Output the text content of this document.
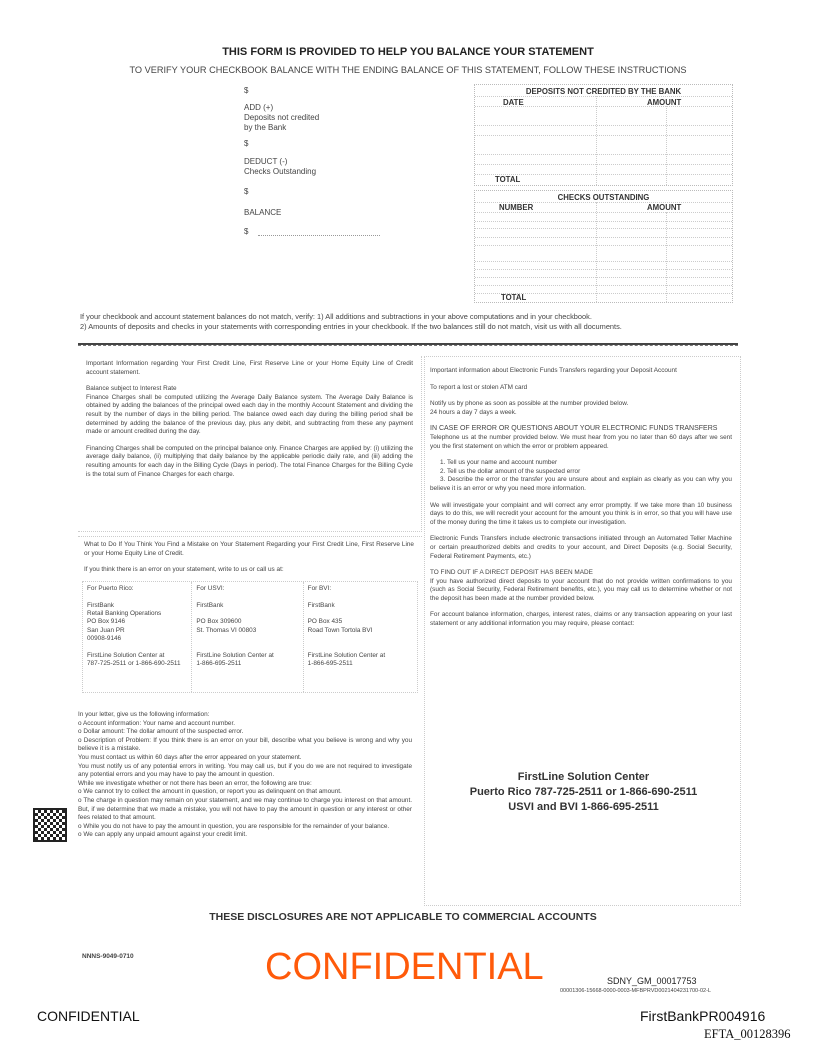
THIS FORM IS PROVIDED TO HELP YOU BALANCE YOUR STATEMENT
TO VERIFY YOUR CHECKBOOK BALANCE WITH THE ENDING BALANCE OF THIS STATEMENT, FOLLOW THESE INSTRUCTIONS
$
ADD (+)
Deposits not credited
by the Bank
$
DEDUCT (-)
Checks Outstanding
$
BALANCE
$
DEPOSITS NOT CREDITED BY THE BANK
DATE	AMOUNT
TOTAL
CHECKS OUTSTANDING
NUMBER	AMOUNT
TOTAL
If your checkbook and account statement balances do not match, verify: 1) All additions and subtractions in your above computations and in your checkbook.
2) Amounts of deposits and checks in your statements with corresponding entries in your checkbook. If the two balances still do not match, visit us with all documents.
Important Information regarding Your First Credit Line, First Reserve Line or your Home Equity Line of Credit account statement.
Balance subject to Interest Rate
Finance Charges shall be computed utilizing the Average Daily Balance system. The Average Daily Balance is obtained by adding the balances of the principal owed each day in the monthly Account Statement and dividing the result by the number of days in the billing period. The balance owed each day during the billing period shall be determined by adding the balance of the previous day, plus any debit, and subtracting from these any payment made or amount credited during the day.
Financing Charges shall be computed on the principal balance only. Finance Charges are applied by: (i) utilizing the average daily balance, (ii) multiplying that daily balance by the applicable periodic daily rate, and (iii) adding the resulting amounts for each day in the Billing Cycle (Days in period). The total Finance Charges for the Billing Cycle is the total sum of Finance Charges for each charge.
What to Do If You Think You Find a Mistake on Your Statement Regarding your First Credit Line, First Reserve Line or your Home Equity Line of Credit.
If you think there is an error on your statement, write to us or call us at:
For Puerto Rico:
FirstBank
Retail Banking Operations
PO Box 9146
San Juan PR
00908-9146
FirstLine Solution Center at
787-725-2511 or 1-866-690-2511
For USVI:
FirstBank
PO Box 309600
St. Thomas VI 00803
FirstLine Solution Center at
1-866-695-2511
For BVI:
FirstBank
PO Box 435
Road Town Tortola BVI
FirstLine Solution Center at
1-866-695-2511
In your letter, give us the following information:
o Account information: Your name and account number.
o Dollar amount: The dollar amount of the suspected error.
o Description of Problem: If you think there is an error on your bill, describe what you believe is wrong and why you believe it is a mistake.
You must contact us within 60 days after the error appeared on your statement.
You must notify us of any potential errors in writing. You may call us, but if you do we are not required to investigate any potential errors and you may have to pay the amount in question.
While we investigate whether or not there has been an error, the following are true:
o We cannot try to collect the amount in question, or report you as delinquent on that amount.
o The charge in question may remain on your statement, and we may continue to charge you interest on that amount. But, if we determine that we made a mistake, you will not have to pay the amount in question or any interest or other fees related to that amount.
o While you do not have to pay the amount in question, you are responsible for the remainder of your balance.
o We can apply any unpaid amount against your credit limit.
Important information about Electronic Funds Transfers regarding your Deposit Account
To report a lost or stolen ATM card
Notify us by phone as soon as possible at the number provided below.
24 hours a day 7 days a week.
IN CASE OF ERROR OR QUESTIONS ABOUT YOUR ELECTRONIC FUNDS TRANSFERS
Telephone us at the number provided below. We must hear from you no later than 60 days after we sent you the first statement on which the error or problem appeared.
1. Tell us your name and account number
2. Tell us the dollar amount of the suspected error
3. Describe the error or the transfer you are unsure about and explain as clearly as you can why you believe it is an error or why you need more information.
We will investigate your complaint and will correct any error promptly. If we take more than 10 business days to do this, we will recredit your account for the amount you think is in error, so that you will have use of the money during the time it takes us to complete our investigation.
Electronic Funds Transfers include electronic transactions initiated through an Automated Teller Machine or certain preauthorized debits and credits to your account, and Direct Deposits (e.g. Social Security, Federal Retirement Payments, etc.)
TO FIND OUT IF A DIRECT DEPOSIT HAS BEEN MADE
If you have authorized direct deposits to your account that do not provide written confirmations to you (such as Social Security, Federal Retirement benefits, etc.), you may call us to determine whether or not the deposit has been made at the number provided below.
For account balance information, charges, interest rates, claims or any transaction appearing on your last statement or any additional information you may require, please contact:
FirstLine Solution Center
Puerto Rico 787-725-2511 or 1-866-690-2511
USVI and BVI 1-866-695-2511
THESE DISCLOSURES ARE NOT APPLICABLE TO COMMERCIAL ACCOUNTS
NNNS-9049-0710	CONFIDENTIAL	SDNY_GM_00017753
00001306-15668-0000-0003-MFBPRVD0021404231700-02-L
CONFIDENTIAL	FirstBankPR004916
EFTA_00128396
